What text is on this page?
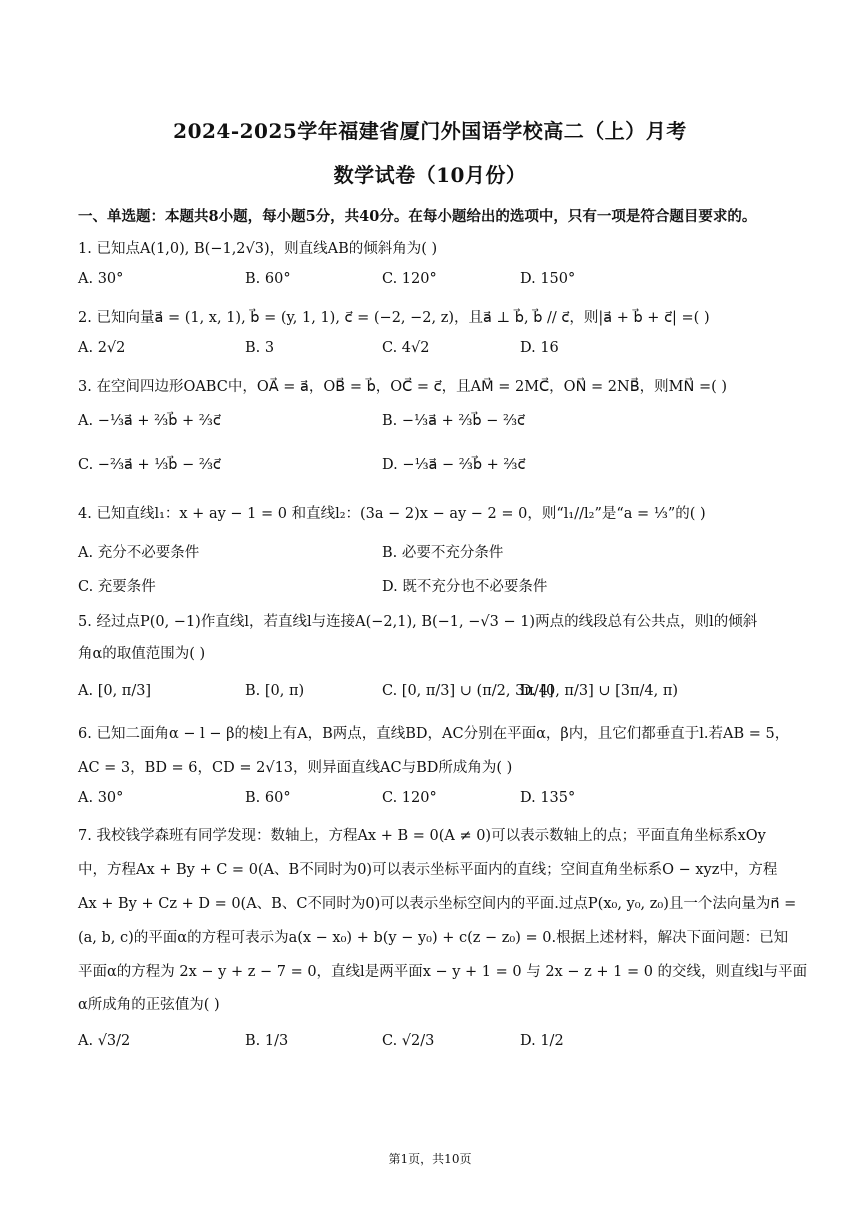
2024-2025学年福建省厦门外国语学校高二（上）月考
数学试卷（10月份）
一、单选题：本题共8小题，每小题5分，共40分。在每小题给出的选项中，只有一项是符合题目要求的。
1. 已知点A(1,0), B(−1,2√3)，则直线AB的倾斜角为( )
A. 30°	B. 60°	C. 120°	D. 150°
2. 已知向量a⃗ = (1, x, 1), b⃗ = (y, 1, 1), c⃗ = (−2, −2, z)，且a⃗ ⊥ b⃗, b⃗ // c⃗，则|a⃗ + b⃗ + c⃗| =( )
A. 2√2	B. 3	C. 4√2	D. 16
3. 在空间四边形OABC中，OA⃗ = a⃗，OB⃗ = b⃗，OC⃗ = c⃗，且AM⃗ = 2MC⃗，ON⃗ = 2NB⃗，则MN⃗ =( )
A. −⅓a⃗ + ⅔b⃗ + ⅔c⃗	B. −⅓a⃗ + ⅔b⃗ − ⅔c⃗
C. −⅔a⃗ + ⅓b⃗ − ⅔c⃗	D. −⅓a⃗ − ⅔b⃗ + ⅔c⃗
4. 已知直线l₁：x + ay − 1 = 0 和直线l₂：(3a − 2)x − ay − 2 = 0，则“l₁//l₂”是“a = ⅓”的( )
A. 充分不必要条件	B. 必要不充分条件
C. 充要条件	D. 既不充分也不必要条件
5. 经过点P(0, −1)作直线l，若直线l与连接A(−2,1), B(−1, −√3 − 1)两点的线段总有公共点，则l的倾斜
角α的取值范围为( )
A. [0, π/3]	B. [0, π)	C. [0, π/3] ∪ (π/2, 3π/4]
D. [0, π/3] ∪ [3π/4, π)
6. 已知二面角α − l − β的棱l上有A，B两点，直线BD，AC分别在平面α，β内，且它们都垂直于l.若AB = 5，
AC = 3，BD = 6，CD = 2√13，则异面直线AC与BD所成角为( )
A. 30°	B. 60°	C. 120°	D. 135°
7. 我校钱学森班有同学发现：数轴上，方程Ax + B = 0(A ≠ 0)可以表示数轴上的点；平面直角坐标系xOy
中，方程Ax + By + C = 0(A、B不同时为0)可以表示坐标平面内的直线；空间直角坐标系O − xyz中，方程
Ax + By + Cz + D = 0(A、B、C不同时为0)可以表示坐标空间内的平面.过点P(x₀, y₀, z₀)且一个法向量为n⃗ =
(a, b, c)的平面α的方程可表示为a(x − x₀) + b(y − y₀) + c(z − z₀) = 0.根据上述材料，解决下面问题：已知
平面α的方程为 2x − y + z − 7 = 0，直线l是两平面x − y + 1 = 0 与 2x − z + 1 = 0 的交线，则直线l与平面
α所成角的正弦值为( )
A. √3/2	B. 1/3	C. √2/3	D. 1/2
第1页，共10页
